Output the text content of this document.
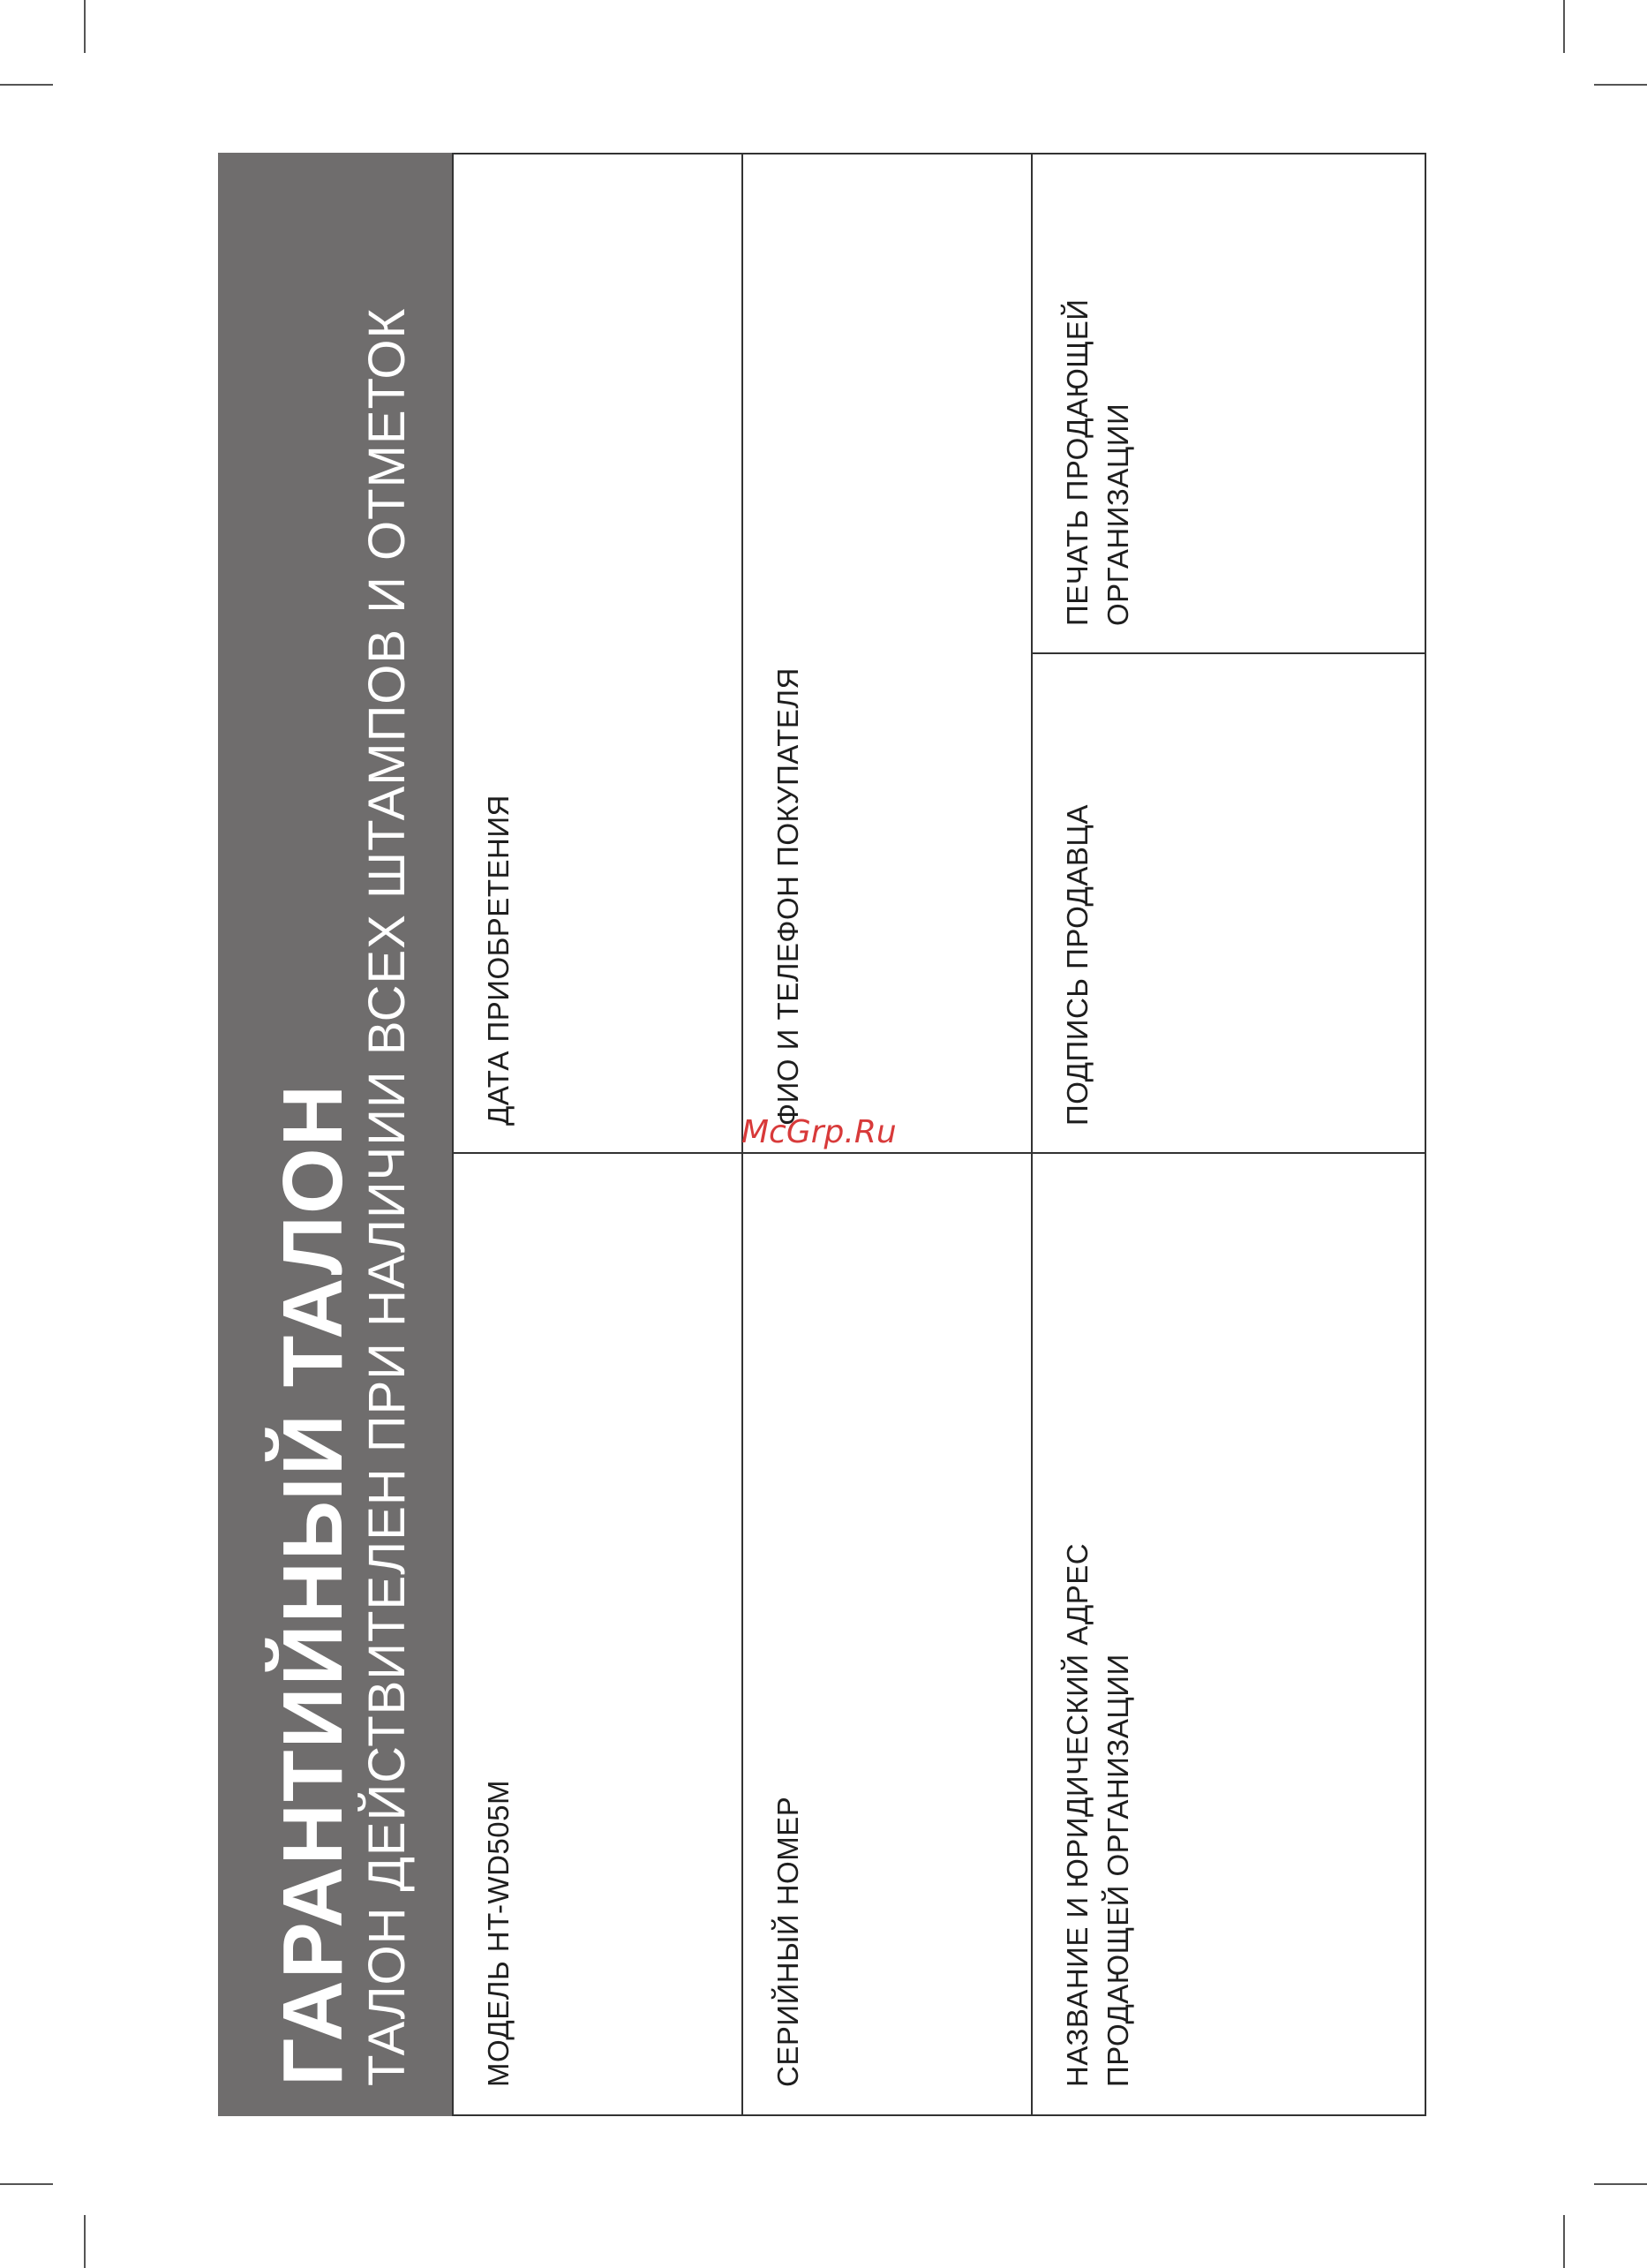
ГАРАНТИЙНЫЙ ТАЛОН
ТАЛОН ДЕЙСТВИТЕЛЕН ПРИ НАЛИЧИИ ВСЕХ ШТАМПОВ И ОТМЕТОК МОДЕЛЬ HT-WD505M
ДАТА ПРИОБРЕТЕНИЯ
СЕРИЙНЫЙ НОМЕР
ФИО И ТЕЛЕФОН ПОКУПАТЕЛЯ
НАЗВАНИЕ И ЮРИДИЧЕСКИЙ АДРЕС ПРОДАЮЩЕЙ ОРГАНИЗАЦИИ
ПОДПИСЬ ПРОДАВЦА
ПЕЧАТЬ ПРОДАЮЩЕЙ ОРГАНИЗАЦИИ
McGrp.Ru
